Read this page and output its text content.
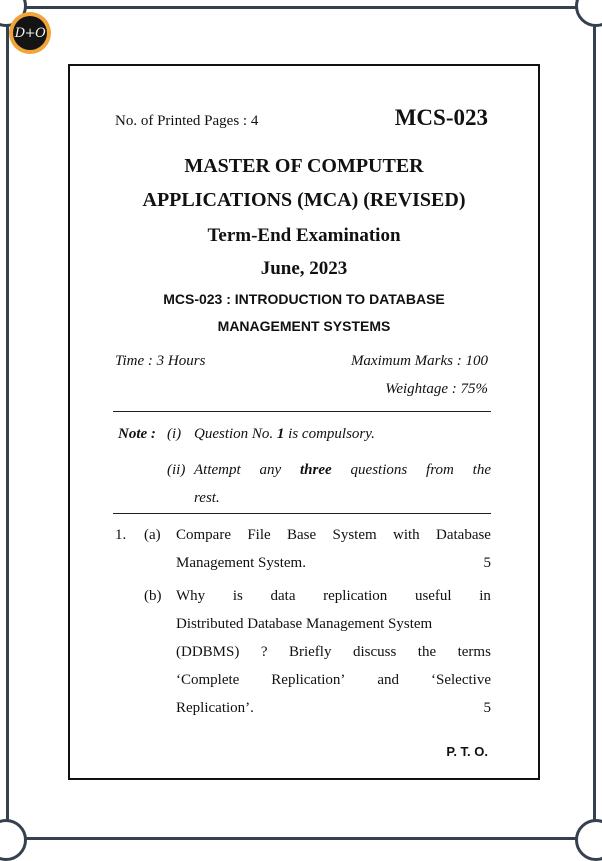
D+O
No. of Printed Pages : 4	MCS-023
MASTER OF COMPUTER
APPLICATIONS (MCA) (REVISED)
Term-End Examination
June, 2023
MCS-023 : INTRODUCTION TO DATABASE
MANAGEMENT SYSTEMS
Time : 3 Hours	Maximum Marks : 100
Weightage : 75%
Note : (i) Question No. 1 is compulsory.
(ii) Attempt any three questions from the
rest.
1. (a) Compare File Base System with Database
Management System.	5
(b) Why is data replication useful in
Distributed Database Management System
(DDBMS) ? Briefly discuss the terms
‘Complete Replication’ and ‘Selective
Replication’.	5
P. T. O.
